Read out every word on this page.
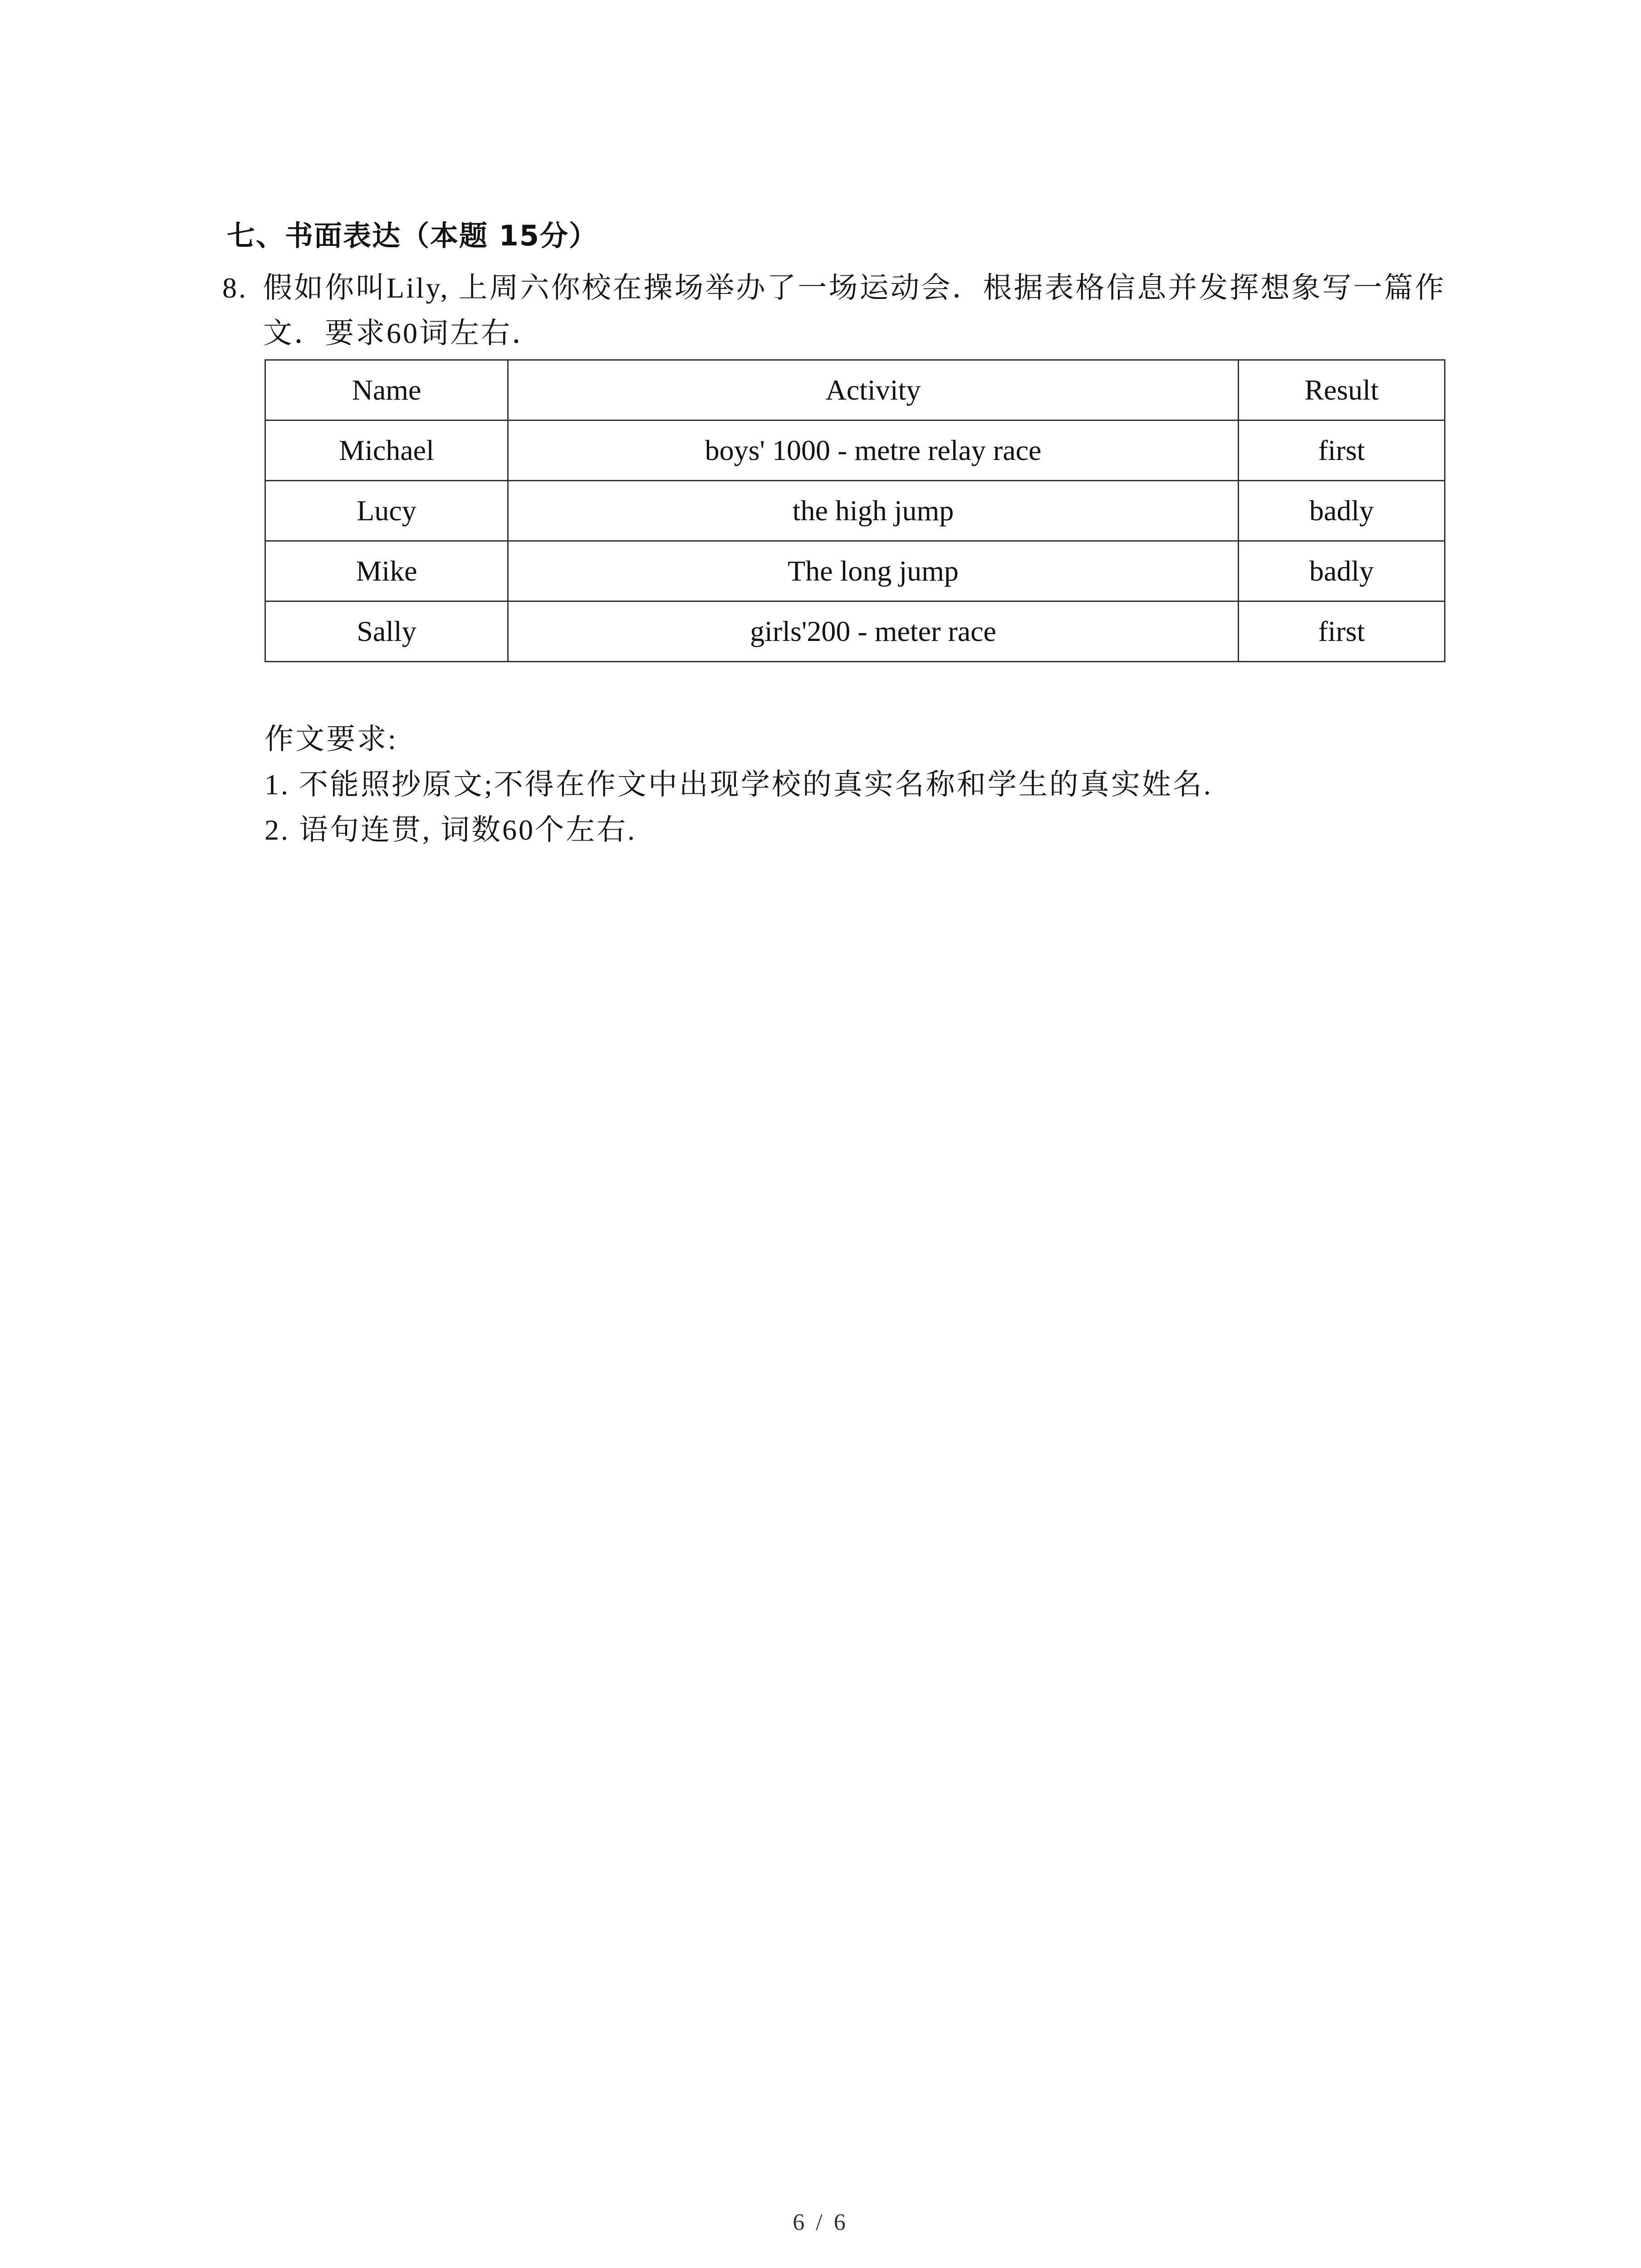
七、书面表达（本题 15分）
8. 假如你叫Lily, 上周六你校在操场举办了一场运动会．根据表格信息并发挥想象写一篇作
文．要求60词左右．
Name	Activity	Result
Michael	boys' 1000 - metre relay race	first
Lucy	the high jump	badly
Mike	The long jump	badly
Sally	girls'200 - meter race	first
作文要求:
1. 不能照抄原文;不得在作文中出现学校的真实名称和学生的真实姓名.
2. 语句连贯, 词数60个左右.
6 / 6
